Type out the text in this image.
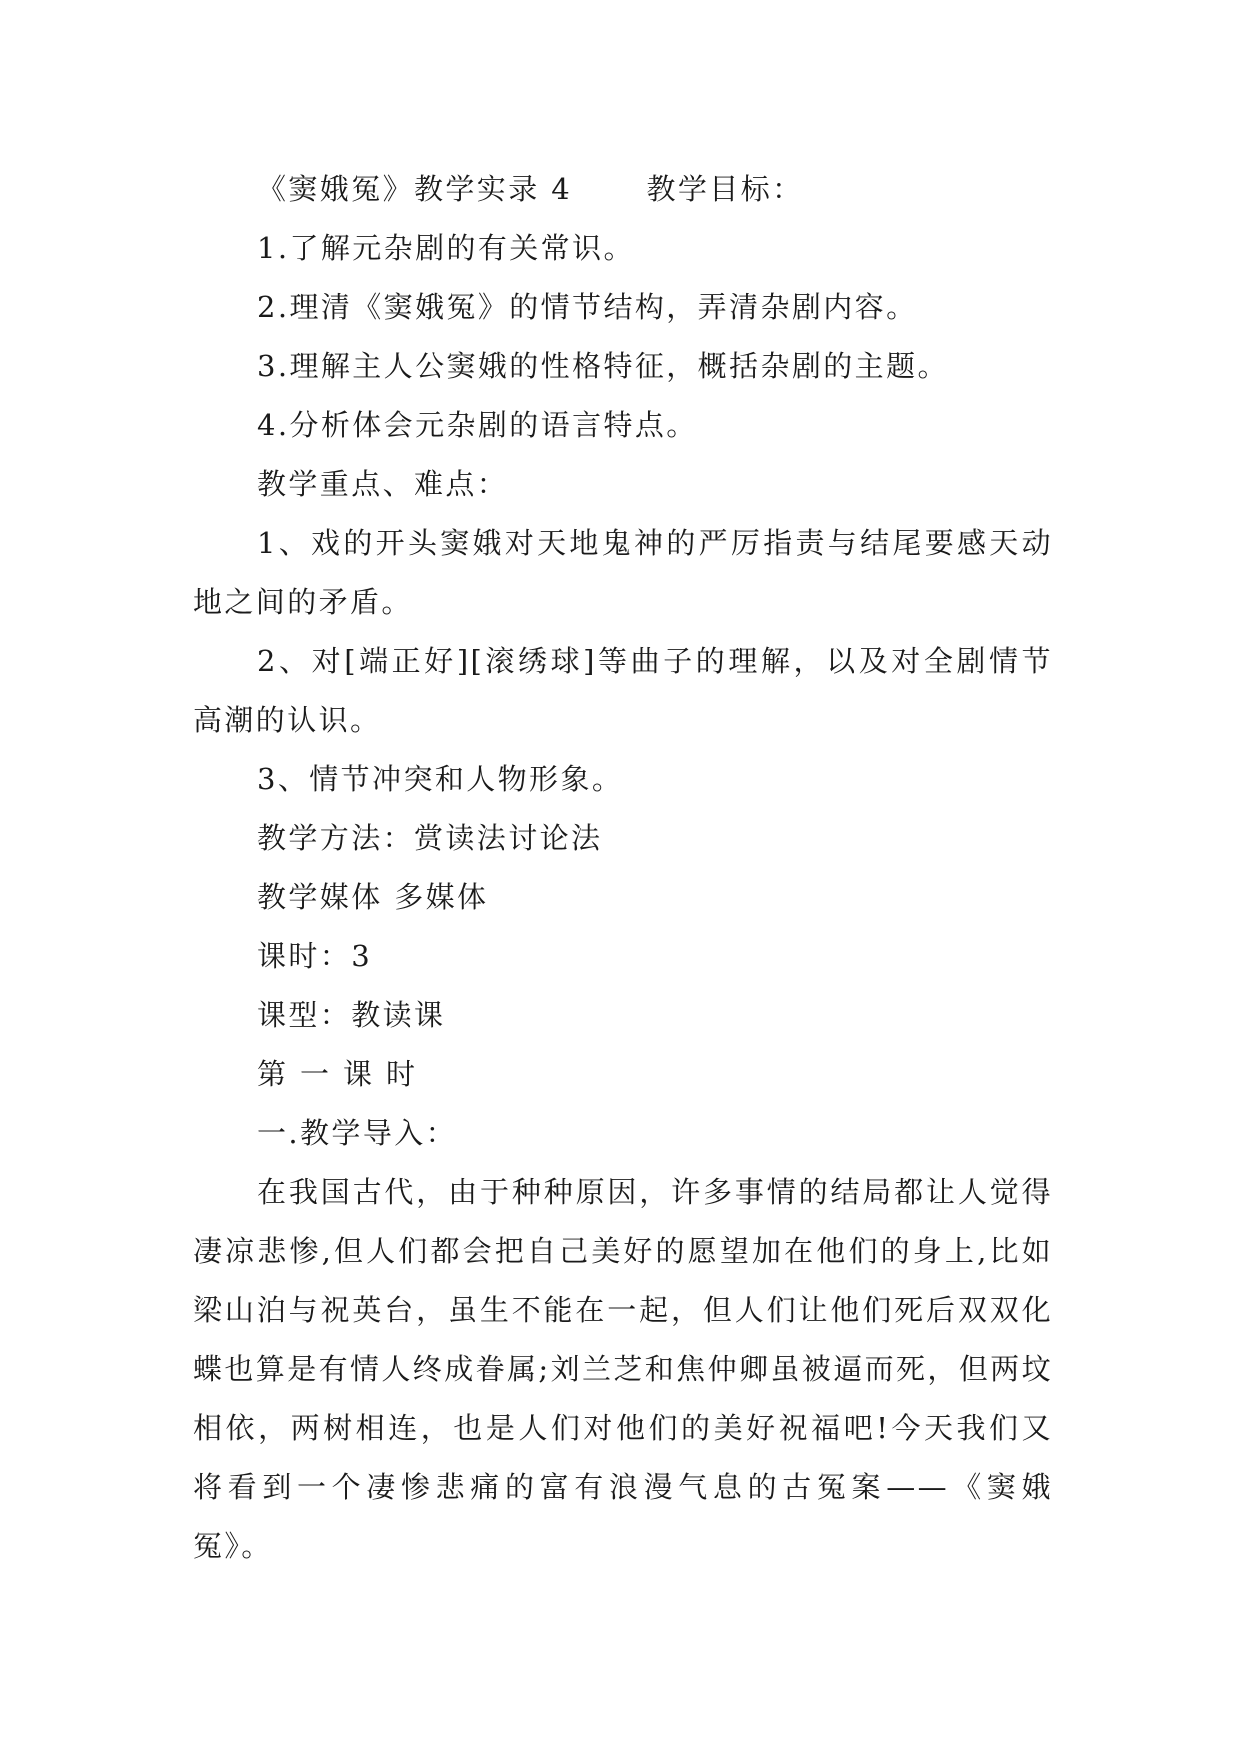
《窦娥冤》教学实录 4　　 教学目标：

1.了解元杂剧的有关常识。

2.理清《窦娥冤》的情节结构，弄清杂剧内容。

3.理解主人公窦娥的性格特征，概括杂剧的主题。

4.分析体会元杂剧的语言特点。

教学重点、难点：

1、戏的开头窦娥对天地鬼神的严厉指责与结尾要感天动地之间的矛盾。

2、对[端正好][滚绣球]等曲子的理解，以及对全剧情节高潮的认识。

3、情节冲突和人物形象。

教学方法：赏读法讨论法

教学媒体 多媒体

课时：3

课型：教读课

第 一 课 时

一.教学导入：

在我国古代，由于种种原因，许多事情的结局都让人觉得凄凉悲惨,但人们都会把自己美好的愿望加在他们的身上,比如梁山泊与祝英台，虽生不能在一起，但人们让他们死后双双化蝶也算是有情人终成眷属;刘兰芝和焦仲卿虽被逼而死，但两坟相依，两树相连，也是人们对他们的美好祝福吧!今天我们又将看到一个凄惨悲痛的富有浪漫气息的古冤案——《窦娥冤》。
